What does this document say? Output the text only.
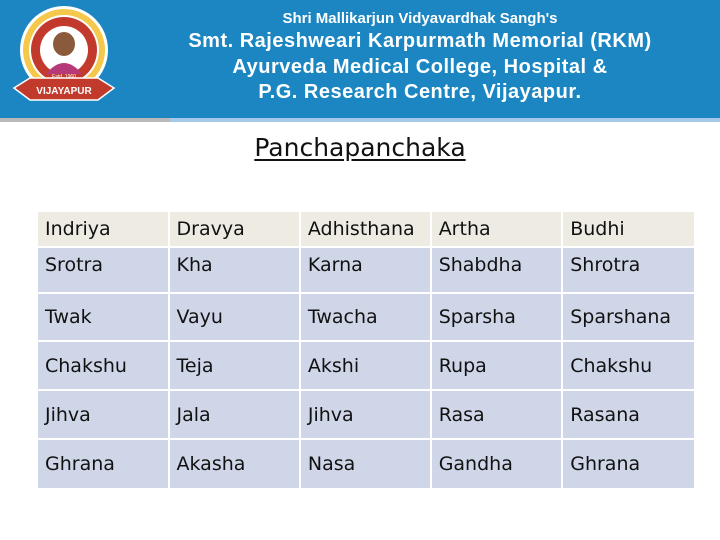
VIJAYAPUR
Estd. 1960
Shri Mallikarjun Vidyavardhak Sangh's
Smt. Rajeshweari Karpurmath Memorial (RKM)
Ayurveda Medical College, Hospital &
P.G. Research Centre, Vijayapur.
Panchapanchaka
Indriya	Dravya	Adhisthana	Artha	Budhi
Srotra	Kha	Karna	Shabdha	Shrotra
Twak	Vayu	Twacha	Sparsha	Sparshana
Chakshu	Teja	Akshi	Rupa	Chakshu
Jihva	Jala	Jihva	Rasa	Rasana
Ghrana	Akasha	Nasa	Gandha	Ghrana
